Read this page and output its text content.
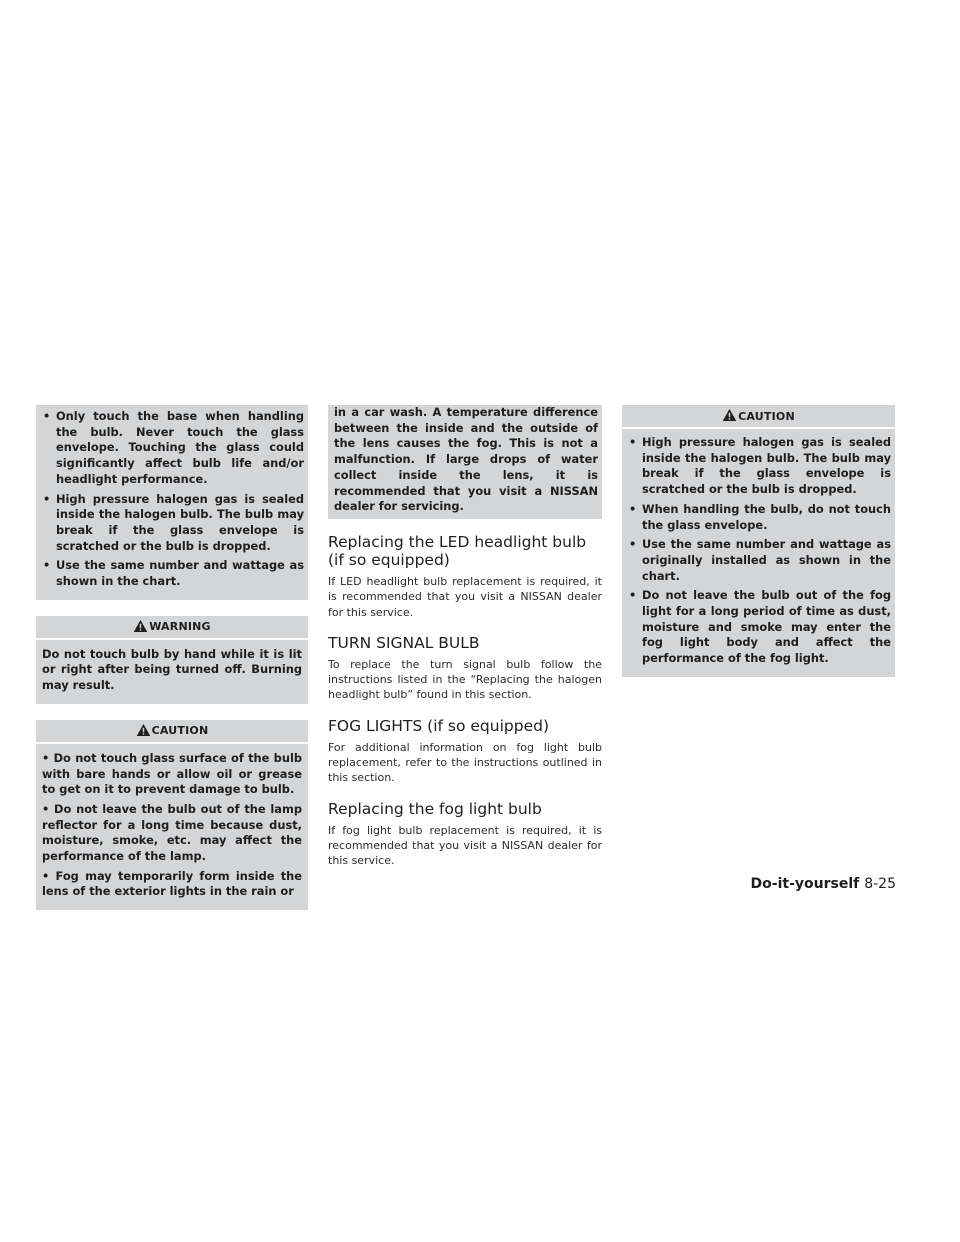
• Only touch the base when handling the bulb. Never touch the glass envelope. Touching the glass could significantly affect bulb life and/or headlight performance.
• High pressure halogen gas is sealed inside the halogen bulb. The bulb may break if the glass envelope is scratched or the bulb is dropped.
• Use the same number and wattage as shown in the chart.
WARNING

Do not touch bulb by hand while it is lit or right after being turned off. Burning may result.

CAUTION

• Do not touch glass surface of the bulb with bare hands or allow oil or grease to get on it to prevent damage to bulb.

• Do not leave the bulb out of the lamp reflector for a long time because dust, moisture, smoke, etc. may affect the performance of the lamp.

• Fog may temporarily form inside the lens of the exterior lights in the rain or

in a car wash. A temperature difference between the inside and the outside of the lens causes the fog. This is not a malfunction. If large drops of water collect inside the lens, it is recommended that you visit a NISSAN dealer for servicing.

Replacing the LED headlight bulb (if so equipped)

If LED headlight bulb replacement is required, it is recommended that you visit a NISSAN dealer for this service.

TURN SIGNAL BULB

To replace the turn signal bulb follow the instructions listed in the “Replacing the halogen headlight bulb” found in this section.

FOG LIGHTS (if so equipped)

For additional information on fog light bulb replacement, refer to the instructions outlined in this section.

Replacing the fog light bulb

If fog light bulb replacement is required, it is recommended that you visit a NISSAN dealer for this service.

CAUTION
• High pressure halogen gas is sealed inside the halogen bulb. The bulb may break if the glass envelope is scratched or the bulb is dropped.
• When handling the bulb, do not touch the glass envelope.
• Use the same number and wattage as originally installed as shown in the chart.
• Do not leave the bulb out of the fog light for a long period of time as dust, moisture and smoke may enter the fog light body and affect the performance of the fog light.
Do-it-yourself 8-25
